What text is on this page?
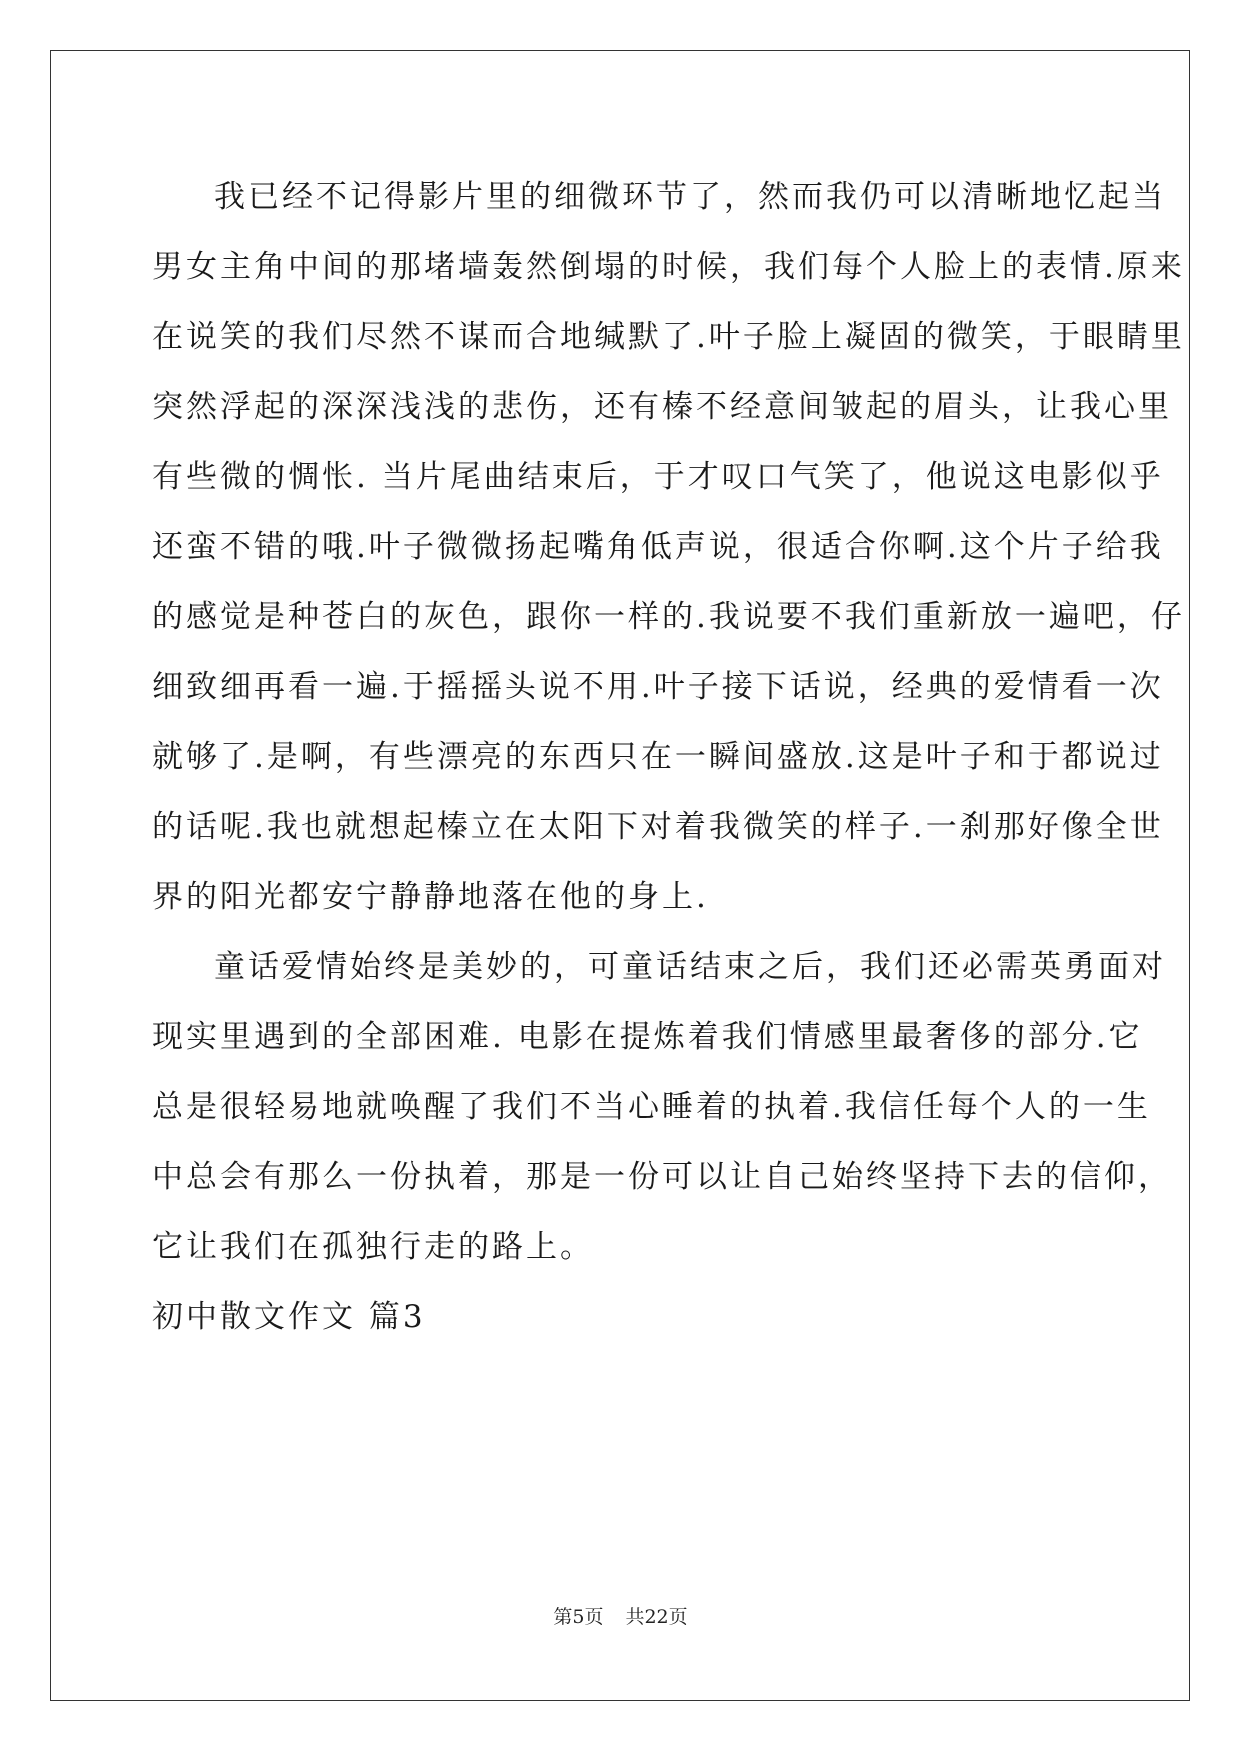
我已经不记得影片里的细微环节了，然而我仍可以清晰地忆起当

男女主角中间的那堵墙轰然倒塌的时候，我们每个人脸上的表情.原来

在说笑的我们尽然不谋而合地缄默了.叶子脸上凝固的微笑，于眼睛里

突然浮起的深深浅浅的悲伤，还有榛不经意间皱起的眉头，让我心里

有些微的惆怅. 当片尾曲结束后，于才叹口气笑了，他说这电影似乎

还蛮不错的哦.叶子微微扬起嘴角低声说，很适合你啊.这个片子给我

的感觉是种苍白的灰色，跟你一样的.我说要不我们重新放一遍吧，仔

细致细再看一遍.于摇摇头说不用.叶子接下话说，经典的爱情看一次

就够了.是啊，有些漂亮的东西只在一瞬间盛放.这是叶子和于都说过

的话呢.我也就想起榛立在太阳下对着我微笑的样子.一刹那好像全世

界的阳光都安宁静静地落在他的身上.

童话爱情始终是美妙的，可童话结束之后，我们还必需英勇面对

现实里遇到的全部困难. 电影在提炼着我们情感里最奢侈的部分.它

总是很轻易地就唤醒了我们不当心睡着的执着.我信任每个人的一生

中总会有那么一份执着，那是一份可以让自己始终坚持下去的信仰，

它让我们在孤独行走的路上。

初中散文作文 篇3

第5页 共22页
